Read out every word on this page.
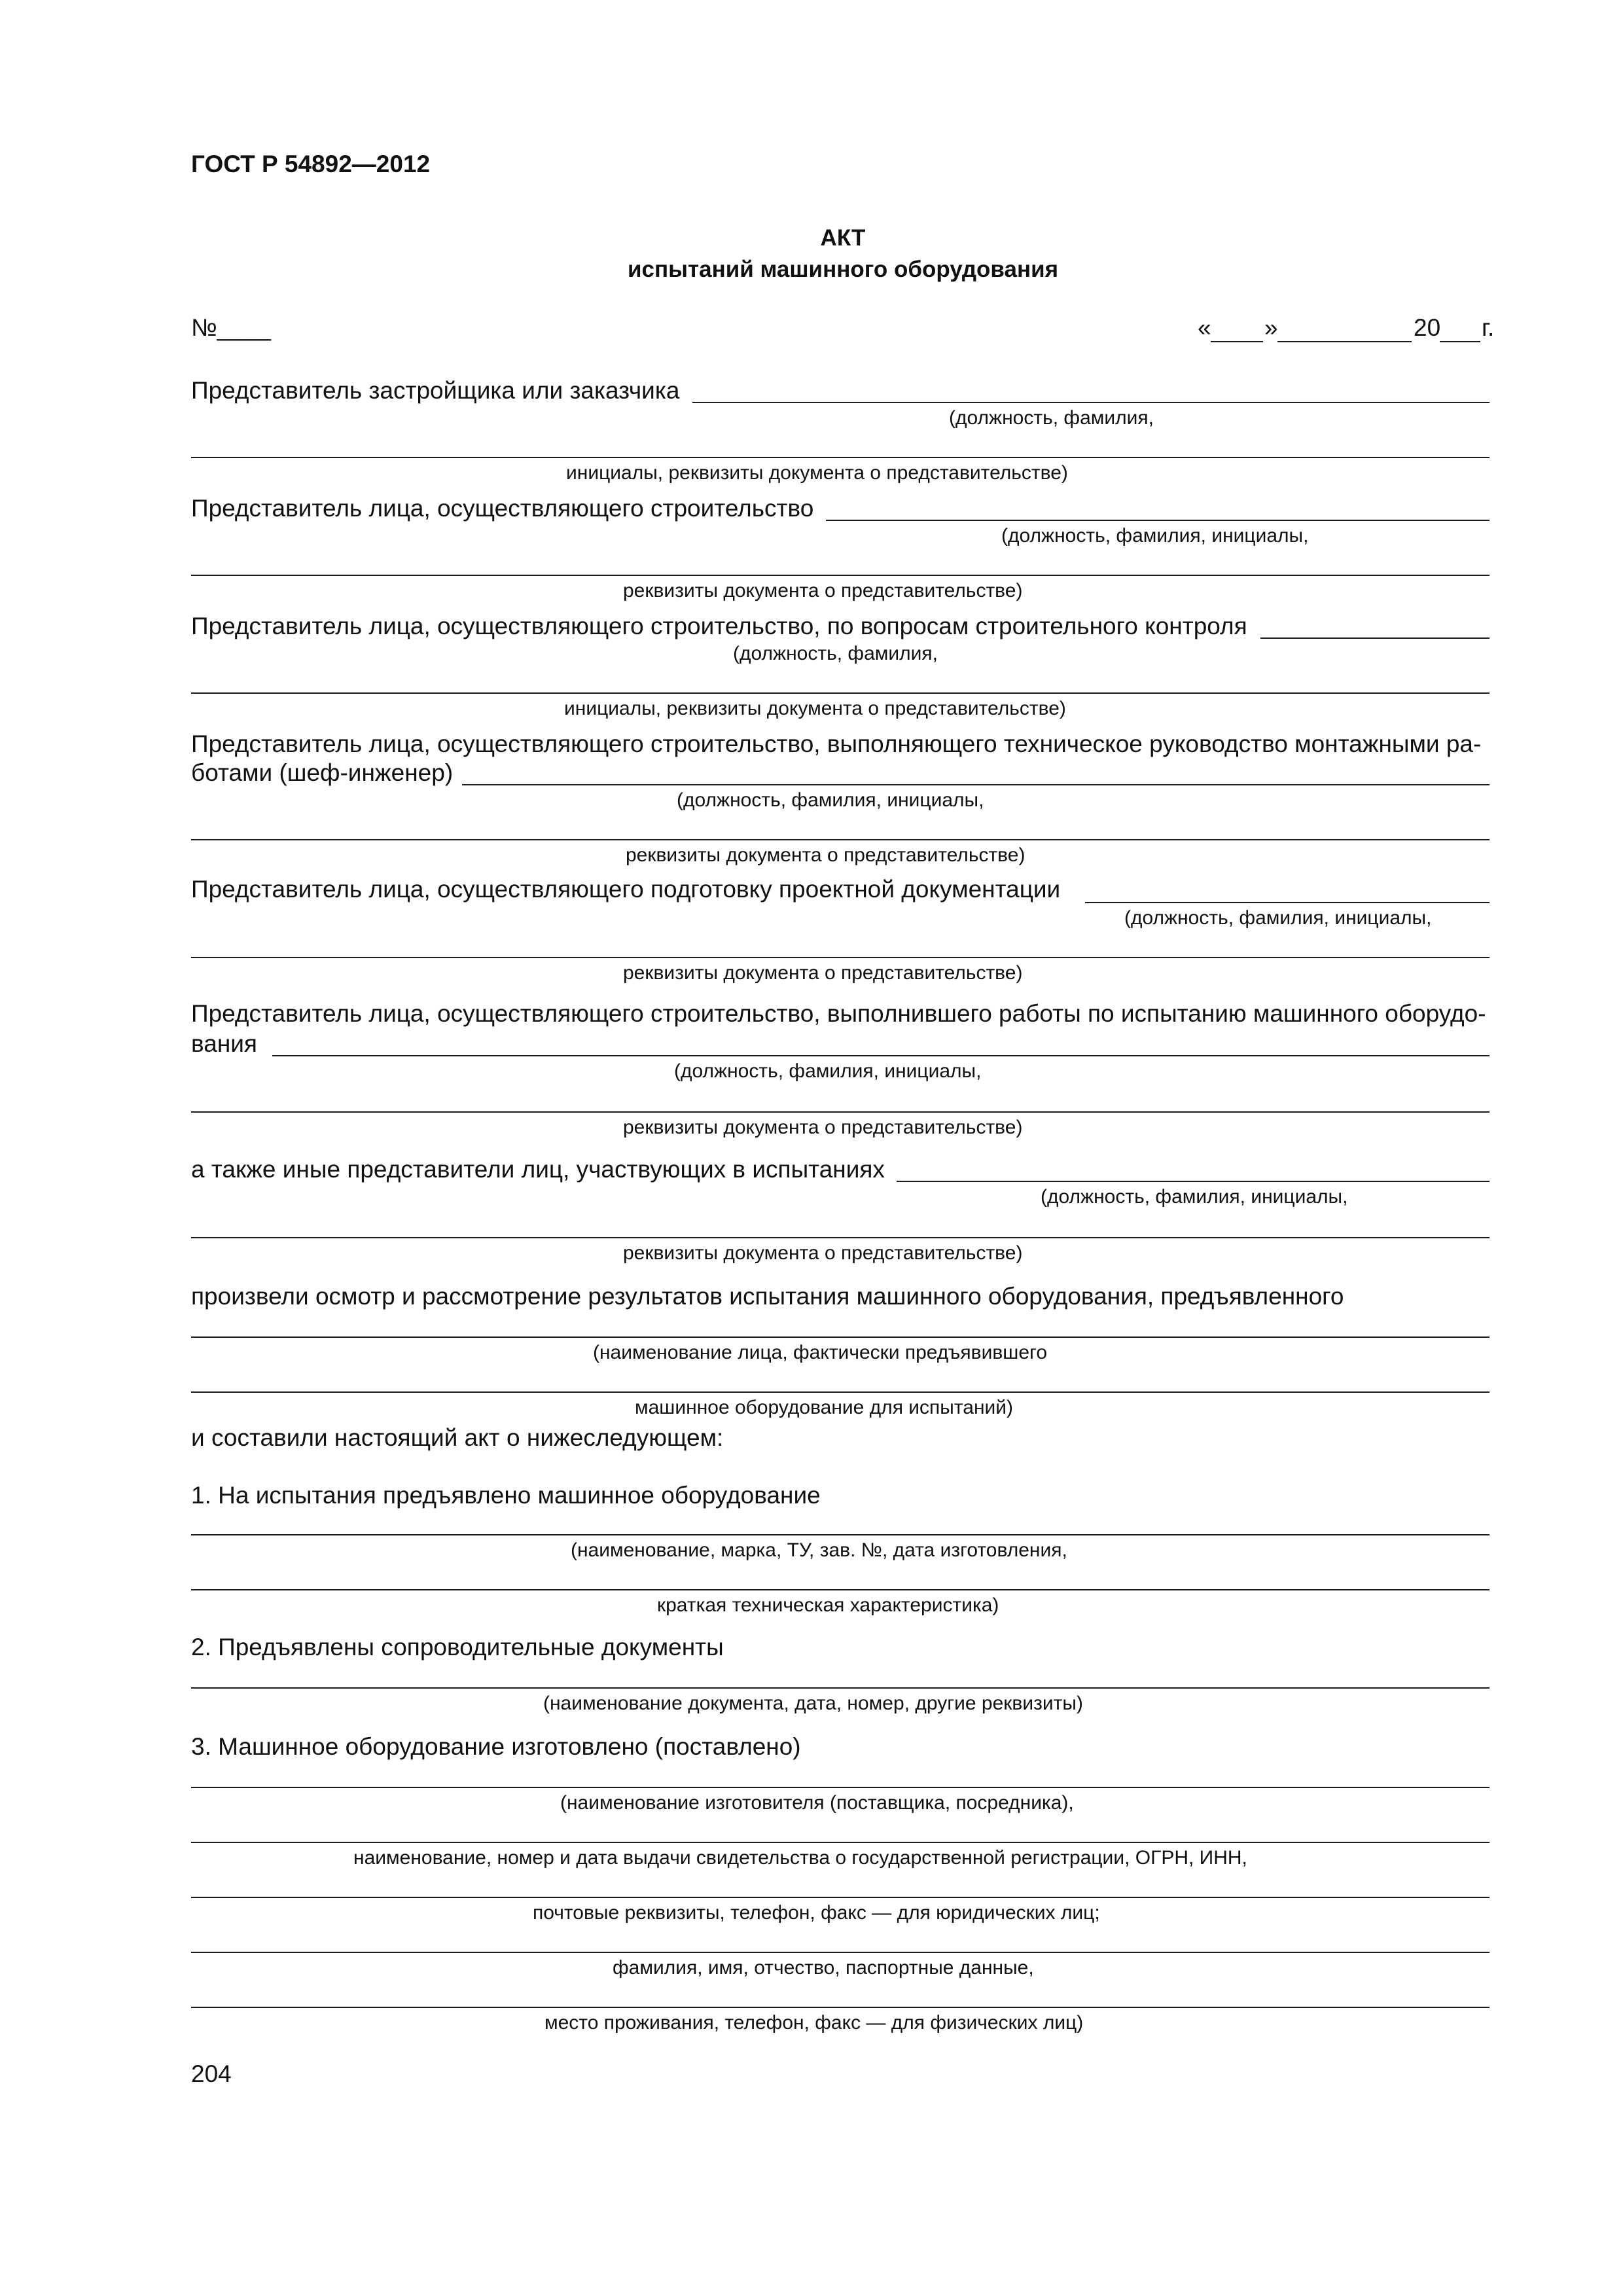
ГОСТ Р 54892—2012
АКТ
испытаний машинного оборудования
№____	« »	20 г.
Представитель застройщика или заказчика
(должность, фамилия,
инициалы, реквизиты документа о представительстве)
Представитель лица, осуществляющего строительство
(должность, фамилия, инициалы,
реквизиты документа о представительстве)
Представитель лица, осуществляющего строительство, по вопросам строительного контроля
(должность, фамилия,
инициалы, реквизиты документа о представительстве)
Представитель лица, осуществляющего строительство, выполняющего техническое руководство монтажными ра-
ботами (шеф-инженер)
(должность, фамилия, инициалы,
реквизиты документа о представительстве)
Представитель лица, осуществляющего подготовку проектной документации
(должность, фамилия, инициалы,
реквизиты документа о представительстве)
Представитель лица, осуществляющего строительство, выполнившего работы по испытанию машинного оборудо-
вания
(должность, фамилия, инициалы,
реквизиты документа о представительстве)
а также иные представители лиц, участвующих в испытаниях
(должность, фамилия, инициалы,
реквизиты документа о представительстве)
произвели осмотр и рассмотрение результатов испытания машинного оборудования, предъявленного
(наименование лица, фактически предъявившего
машинное оборудование для испытаний)
и составили настоящий акт о нижеследующем:
1. На испытания предъявлено машинное оборудование
(наименование, марка, ТУ, зав. №, дата изготовления,
краткая техническая характеристика)
2. Предъявлены сопроводительные документы
(наименование документа, дата, номер, другие реквизиты)
3. Машинное оборудование изготовлено (поставлено)
(наименование изготовителя (поставщика, посредника),
наименование, номер и дата выдачи свидетельства о государственной регистрации, ОГРН, ИНН,
почтовые реквизиты, телефон, факс — для юридических лиц;
фамилия, имя, отчество, паспортные данные,
место проживания, телефон, факс — для физических лиц)
204
